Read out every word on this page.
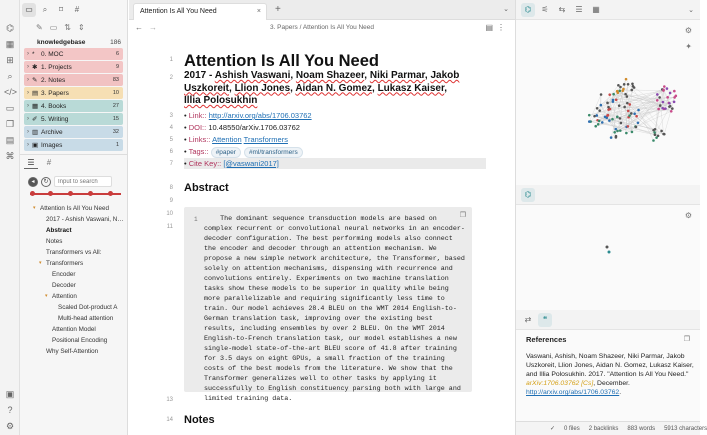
⌬
▦
⊞
⌕
</>
▭
❐
▤
⌘
▣
?
⚙
▭	⌕	⌑	#
✎ ▭ ⇅ ⇕
knowledgebase	186
› * 0. MOC	6
› ✱ 1. Projects	9
› ✎ 2. Notes	83
› ▤ 3. Papers	10
› ▦ 4. Books	27
› ✐ 5. Writing	15
› ▥ Archive	32
› ▣ Images	1
☰	#
◂	↻
Input to search
▾ Attention Is All You Need
2017 - Ashish Vaswani, N…
Abstract
Notes
Transformers vs All:
▾ Transformers
Encoder
Decoder
▾ Attention
Scaled Dot-product A
Multi-head attention
Attention Model
Positional Encoding
Why Self-Attention
Attention Is All You Need	× +	⌄
← →	3. Papers / Attention Is All You Need	▤⋮
1
2
3
4
5
6
7
8
9
10
11
13
14
Attention Is All You Need
2017 - Ashish Vaswani, Noam Shazeer, Niki Parmar, Jakob Uszkoreit, Llion Jones, Aidan N. Gomez, Lukasz Kaiser, Illia Polosukhin
• Link:: http://arxiv.org/abs/1706.03762
• DOI:: 10.48550/arXiv.1706.03762
• Links:: Attention Transformers
• Tags:: #paper #ml/transformers
• Cite Key:: [@vaswani2017]
Abstract
1 The dominant sequence transduction models are based on complex recurrent or convolutional neural networks in an encoder-decoder configuration. The best performing models also connect the encoder and decoder through an attention mechanism. We propose a new simple network architecture, the Transformer, based solely on attention mechanisms, dispensing with recurrence and convolutions entirely. Experiments on two machine translation tasks show these models to be superior in quality while being more parallelizable and requiring significantly less time to train. Our model achieves 28.4 BLEU on the WMT 2014 English-to-German translation task, improving over the existing best results, including ensembles by over 2 BLEU. On the WMT 2014 English-to-French translation task, our model establishes a new single-model state-of-the-art BLEU score of 41.8 after training for 3.5 days on eight GPUs, a small fraction of the training costs of the best models from the literature. We show that the Transformer generalizes well to other tasks by applying it successfully to English constituency parsing both with large and limited training data.
❐
Notes
⌬	⚟	⇆	☰	▦	⌄
⚙
✦
⌬
⚙
⇄	❝
References	❐
Vaswani, Ashish, Noam Shazeer, Niki Parmar, Jakob Uszkoreit, Llion Jones, Aidan N. Gomez, Lukasz Kaiser, and Illia Polosukhin. 2017. "Attention Is All You Need." arXiv:1706.03762 [Cs], December. http://arxiv.org/abs/1706.03762.
✓ 0 files 2 backlinks 883 words 5913 characters
